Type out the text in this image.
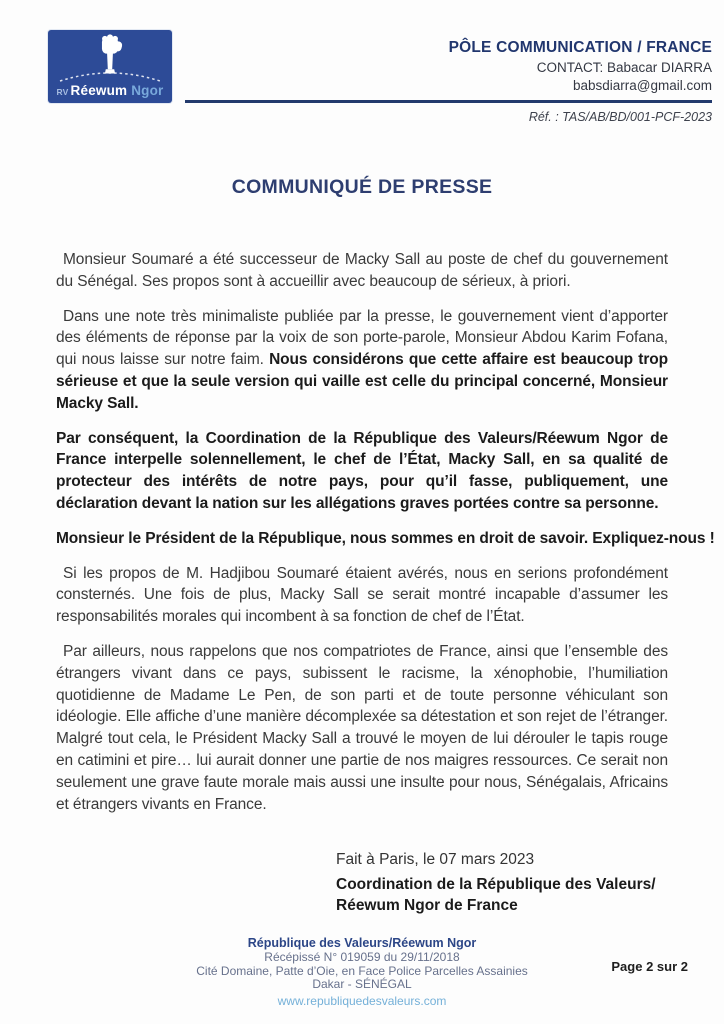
RV Réewum Ngor
PÔLE COMMUNICATION / FRANCE
CONTACT: Babacar DIARRA
babsdiarra@gmail.com
Réf. : TAS/AB/BD/001-PCF-2023
COMMUNIQUÉ DE PRESSE

Monsieur Soumaré a été successeur de Macky Sall au poste de chef du gouvernement du Sénégal. Ses propos sont à accueillir avec beaucoup de sérieux, à priori.

Dans une note très minimaliste publiée par la presse, le gouvernement vient d’apporter des éléments de réponse par la voix de son porte-parole, Monsieur Abdou Karim Fofana, qui nous laisse sur notre faim. Nous considérons que cette affaire est beaucoup trop sérieuse et que la seule version qui vaille est celle du principal concerné, Monsieur Macky Sall.

Par conséquent, la Coordination de la République des Valeurs/Réewum Ngor de France interpelle solennellement, le chef de l’État, Macky Sall, en sa qualité de protecteur des intérêts de notre pays, pour qu’il fasse, publiquement, une déclaration devant la nation sur les allégations graves portées contre sa personne.

Monsieur le Président de la République, nous sommes en droit de savoir. Expliquez-nous !

Si les propos de M. Hadjibou Soumaré étaient avérés, nous en serions profondément consternés. Une fois de plus, Macky Sall se serait montré incapable d’assumer les responsabilités morales qui incombent à sa fonction de chef de l’État.

Par ailleurs, nous rappelons que nos compatriotes de France, ainsi que l’ensemble des étrangers vivant dans ce pays, subissent le racisme, la xénophobie, l’humiliation quotidienne de Madame Le Pen, de son parti et de toute personne véhiculant son idéologie. Elle affiche d’une manière décomplexée sa détestation et son rejet de l’étranger. Malgré tout cela, le Président Macky Sall a trouvé le moyen de lui dérouler le tapis rouge en catimini et pire… lui aurait donner une partie de nos maigres ressources. Ce serait non seulement une grave faute morale mais aussi une insulte pour nous, Sénégalais, Africains et étrangers vivants en France.

Fait à Paris, le 07 mars 2023
Coordination de la République des Valeurs/
Réewum Ngor de France
République des Valeurs/Réewum Ngor
Récépissé N° 019059 du 29/11/2018
Cité Domaine, Patte d’Oie, en Face Police Parcelles Assainies
Dakar - SÉNÉGAL
www.republiquedesvaleurs.com
Page 2 sur 2
